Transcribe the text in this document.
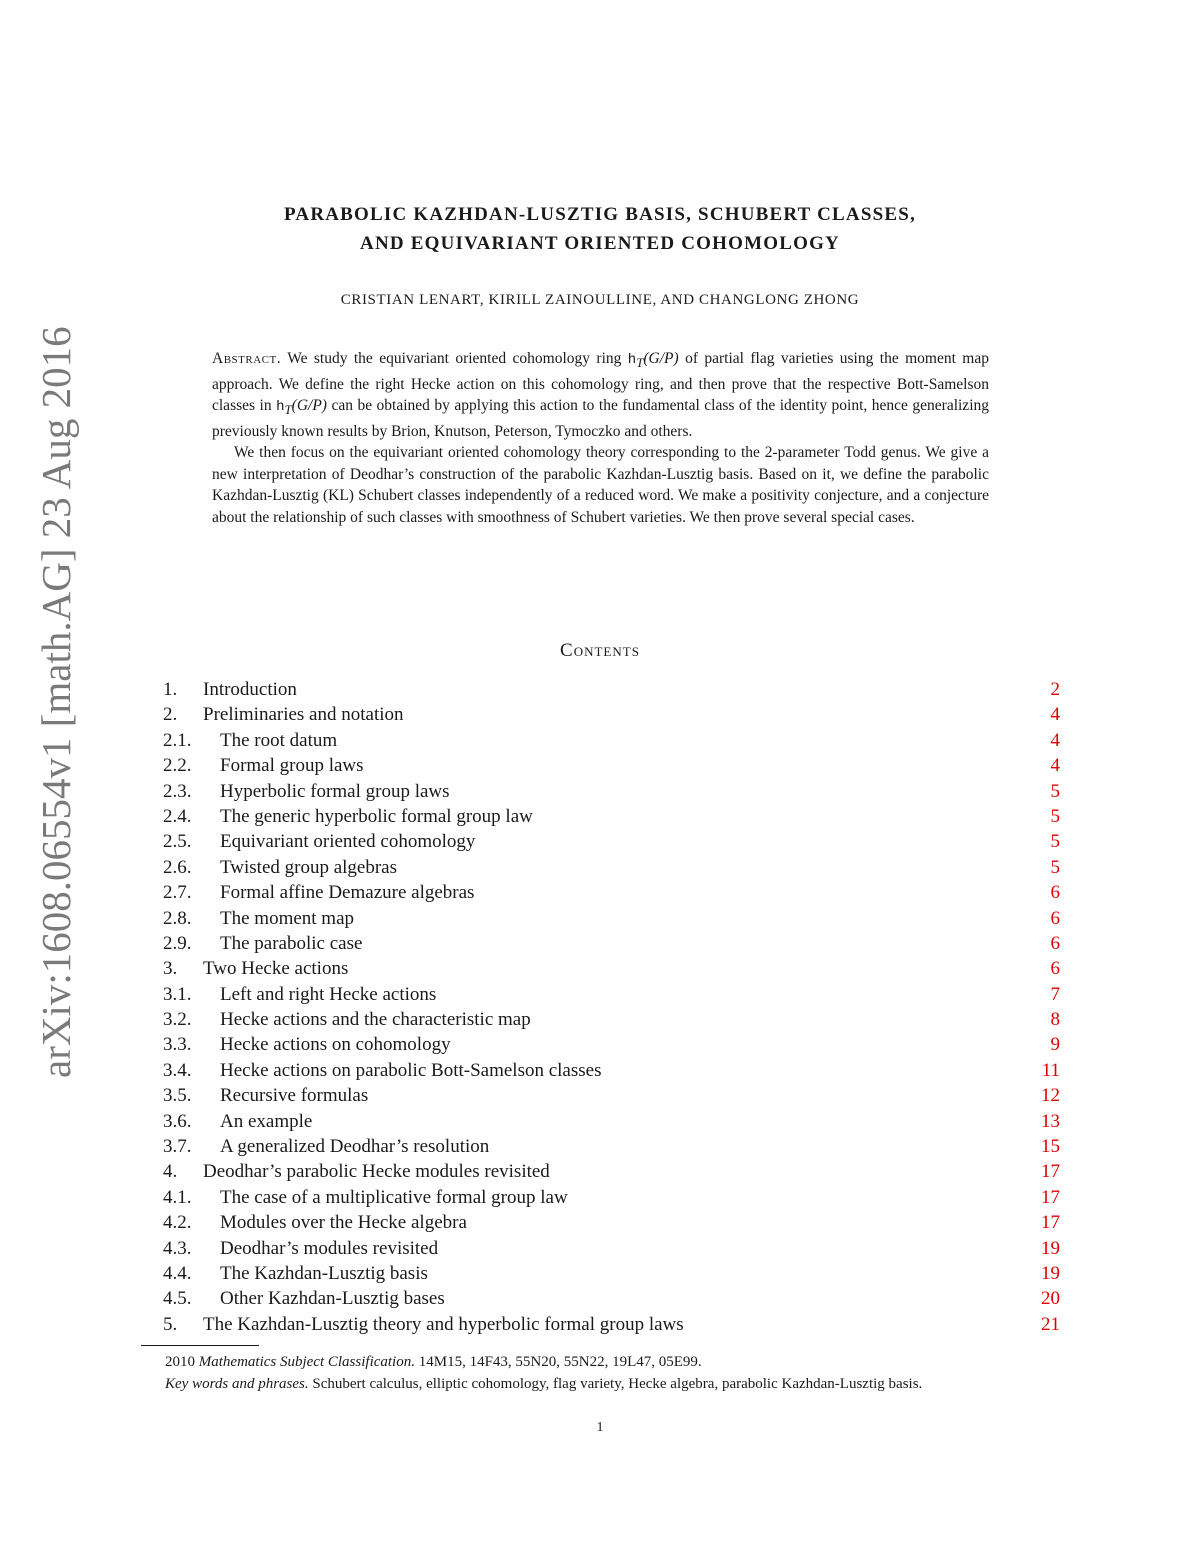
arXiv:1608.06554v1 [math.AG] 23 Aug 2016
PARABOLIC KAZHDAN-LUSZTIG BASIS, SCHUBERT CLASSES,
AND EQUIVARIANT ORIENTED COHOMOLOGY
CRISTIAN LENART, KIRILL ZAINOULLINE, AND CHANGLONG ZHONG

Abstract. We study the equivariant oriented cohomology ring $h_T(G/P)$ of partial flag varieties using the moment map approach. We define the right Hecke action on this cohomology ring, and then prove that the respective Bott-Samelson classes in $h_T(G/P)$ can be obtained by applying this action to the fundamental class of the identity point, hence generalizing previously known results by Brion, Knutson, Peterson, Tymoczko and others.

We then focus on the equivariant oriented cohomology theory corresponding to the 2-parameter Todd genus. We give a new interpretation of Deodhar’s construction of the parabolic Kazhdan-Lusztig basis. Based on it, we define the parabolic Kazhdan-Lusztig (KL) Schubert classes independently of a reduced word. We make a positivity conjecture, and a conjecture about the relationship of such classes with smoothness of Schubert varieties. We then prove several special cases.

Contents
1. Introduction	2
2. Preliminaries and notation	4
2.1. The root datum	4
2.2. Formal group laws	4
2.3. Hyperbolic formal group laws	5
2.4. The generic hyperbolic formal group law	5
2.5. Equivariant oriented cohomology	5
2.6. Twisted group algebras	5
2.7. Formal affine Demazure algebras	6
2.8. The moment map	6
2.9. The parabolic case	6
3. Two Hecke actions	6
3.1. Left and right Hecke actions	7
3.2. Hecke actions and the characteristic map	8
3.3. Hecke actions on cohomology	9
3.4. Hecke actions on parabolic Bott-Samelson classes	11
3.5. Recursive formulas	12
3.6. An example	13
3.7. A generalized Deodhar’s resolution	15
4. Deodhar’s parabolic Hecke modules revisited	17
4.1. The case of a multiplicative formal group law	17
4.2. Modules over the Hecke algebra	17
4.3. Deodhar’s modules revisited	19
4.4. The Kazhdan-Lusztig basis	19
4.5. Other Kazhdan-Lusztig bases	20
5. The Kazhdan-Lusztig theory and hyperbolic formal group laws	21

2010 Mathematics Subject Classification. 14M15, 14F43, 55N20, 55N22, 19L47, 05E99.

Key words and phrases. Schubert calculus, elliptic cohomology, flag variety, Hecke algebra, parabolic Kazhdan-Lusztig basis.

1
